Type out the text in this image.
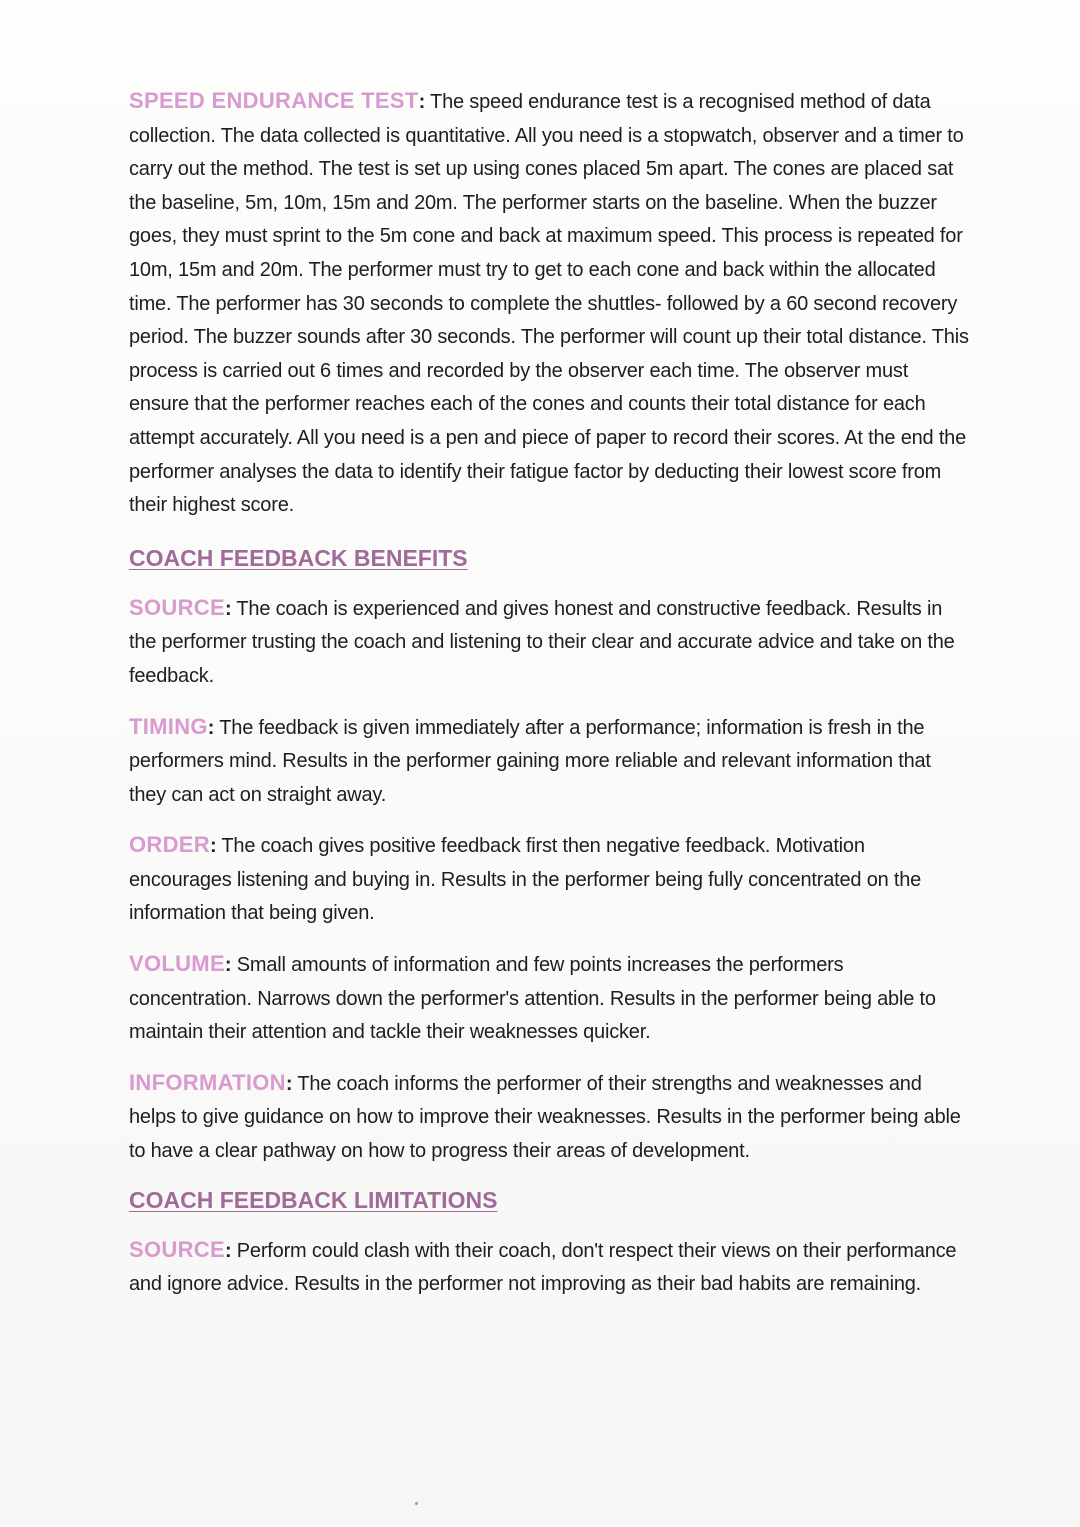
SPEED ENDURANCE TEST: The speed endurance test is a recognised method of data collection. The data collected is quantitative. All you need is a stopwatch, observer and a timer to carry out the method. The test is set up using cones placed 5m apart. The cones are placed sat the baseline, 5m, 10m, 15m and 20m. The performer starts on the baseline. When the buzzer goes, they must sprint to the 5m cone and back at maximum speed. This process is repeated for 10m, 15m and 20m. The performer must try to get to each cone and back within the allocated time. The performer has 30 seconds to complete the shuttles- followed by a 60 second recovery period. The buzzer sounds after 30 seconds. The performer will count up their total distance. This process is carried out 6 times and recorded by the observer each time. The observer must ensure that the performer reaches each of the cones and counts their total distance for each attempt accurately. All you need is a pen and piece of paper to record their scores. At the end the performer analyses the data to identify their fatigue factor by deducting their lowest score from their highest score.

COACH FEEDBACK BENEFITS

SOURCE: The coach is experienced and gives honest and constructive feedback. Results in the performer trusting the coach and listening to their clear and accurate advice and take on the feedback.

TIMING: The feedback is given immediately after a performance; information is fresh in the performers mind. Results in the performer gaining more reliable and relevant information that they can act on straight away.

ORDER: The coach gives positive feedback first then negative feedback. Motivation encourages listening and buying in. Results in the performer being fully concentrated on the information that being given.

VOLUME: Small amounts of information and few points increases the performers concentration. Narrows down the performer's attention. Results in the performer being able to maintain their attention and tackle their weaknesses quicker.

INFORMATION: The coach informs the performer of their strengths and weaknesses and helps to give guidance on how to improve their weaknesses. Results in the performer being able to have a clear pathway on how to progress their areas of development.

COACH FEEDBACK LIMITATIONS

SOURCE: Perform could clash with their coach, don't respect their views on their performance and ignore advice. Results in the performer not improving as their bad habits are remaining.
